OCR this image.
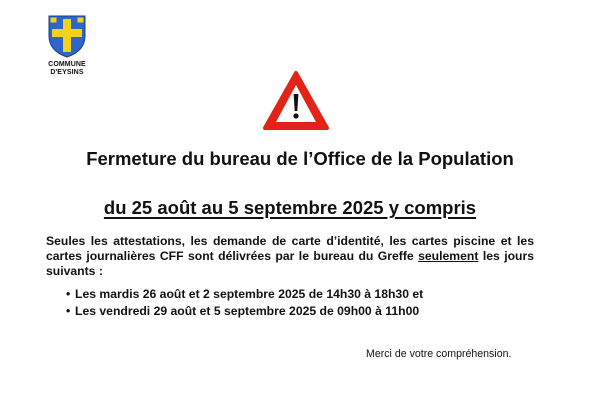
COMMUNE
D'EYSINS
Fermeture du bureau de l’Office de la Population
du 25 août au 5 septembre 2025 y compris
Seules les attestations, les demande de carte d’identité, les cartes piscine et les cartes journalières CFF sont délivrées par le bureau du Greffe seulement les jours suivants :
• Les mardis 26 août et 2 septembre 2025 de 14h30 à 18h30 et
• Les vendredi 29 août et 5 septembre 2025 de 09h00 à 11h00
Merci de votre compréhension.
